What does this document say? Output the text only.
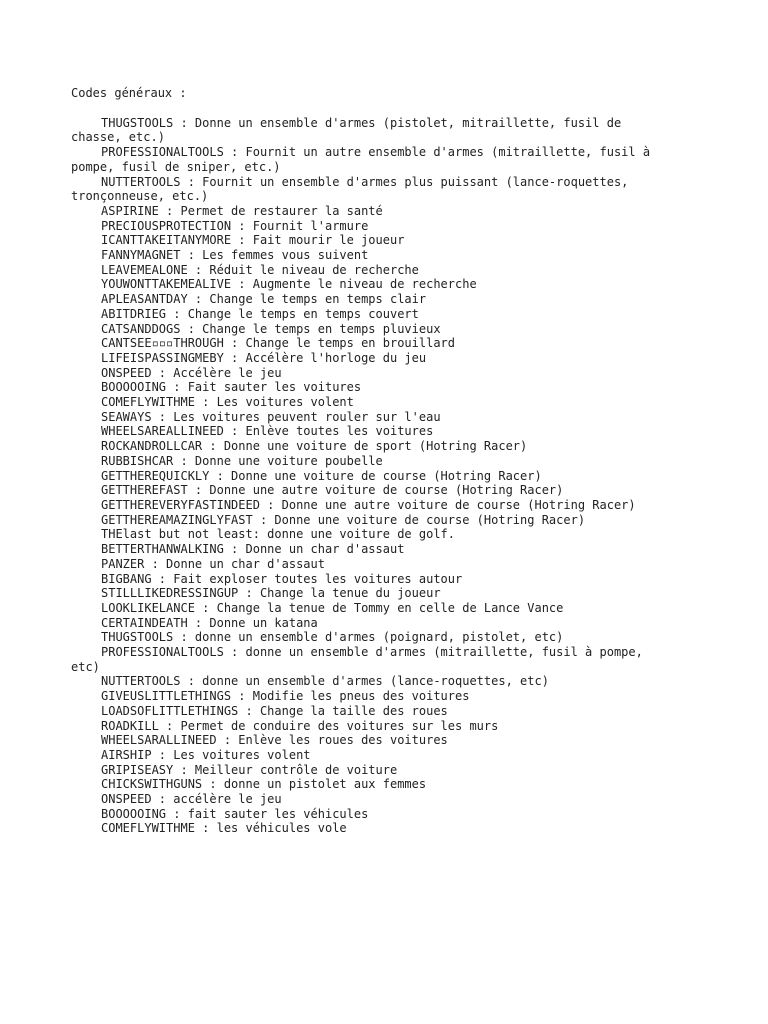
Codes généraux :

THUGSTOOLS : Donne un ensemble d'armes (pistolet, mitraillette, fusil de

chasse, etc.)

PROFESSIONALTOOLS : Fournit un autre ensemble d'armes (mitraillette, fusil à

pompe, fusil de sniper, etc.)

NUTTERTOOLS : Fournit un ensemble d'armes plus puissant (lance-roquettes,

tronçonneuse, etc.)

ASPIRINE : Permet de restaurer la santé

PRECIOUSPROTECTION : Fournit l'armure

ICANTTAKEITANYMORE : Fait mourir le joueur

FANNYMAGNET : Les femmes vous suivent

LEAVEMEALONE : Réduit le niveau de recherche

YOUWONTTAKEMEALIVE : Augmente le niveau de recherche

APLEASANTDAY : Change le temps en temps clair

ABITDRIEG : Change le temps en temps couvert

CATSANDDOGS : Change le temps en temps pluvieux

CANTSEE▫▫▫THROUGH : Change le temps en brouillard

LIFEISPASSINGMEBY : Accélère l'horloge du jeu

ONSPEED : Accélère le jeu

BOOOOOING : Fait sauter les voitures

COMEFLYWITHME : Les voitures volent

SEAWAYS : Les voitures peuvent rouler sur l'eau

WHEELSAREALLINEED : Enlève toutes les voitures

ROCKANDROLLCAR : Donne une voiture de sport (Hotring Racer)

RUBBISHCAR : Donne une voiture poubelle

GETTHEREQUICKLY : Donne une voiture de course (Hotring Racer)

GETTHEREFAST : Donne une autre voiture de course (Hotring Racer)

GETTHEREVERYFASTINDEED : Donne une autre voiture de course (Hotring Racer)

GETTHEREAMAZINGLYFAST : Donne une voiture de course (Hotring Racer)

THElast but not least: donne une voiture de golf.

BETTERTHANWALKING : Donne un char d'assaut

PANZER : Donne un char d'assaut

BIGBANG : Fait exploser toutes les voitures autour

STILLLIKEDRESSINGUP : Change la tenue du joueur

LOOKLIKELANCE : Change la tenue de Tommy en celle de Lance Vance

CERTAINDEATH : Donne un katana

THUGSTOOLS : donne un ensemble d'armes (poignard, pistolet, etc)

PROFESSIONALTOOLS : donne un ensemble d'armes (mitraillette, fusil à pompe,

etc)

NUTTERTOOLS : donne un ensemble d'armes (lance-roquettes, etc)

GIVEUSLITTLETHINGS : Modifie les pneus des voitures

LOADSOFLITTLETHINGS : Change la taille des roues

ROADKILL : Permet de conduire des voitures sur les murs

WHEELSARALLINEED : Enlève les roues des voitures

AIRSHIP : Les voitures volent

GRIPISEASY : Meilleur contrôle de voiture

CHICKSWITHGUNS : donne un pistolet aux femmes

ONSPEED : accélère le jeu

BOOOOOING : fait sauter les véhicules

COMEFLYWITHME : les véhicules vole
